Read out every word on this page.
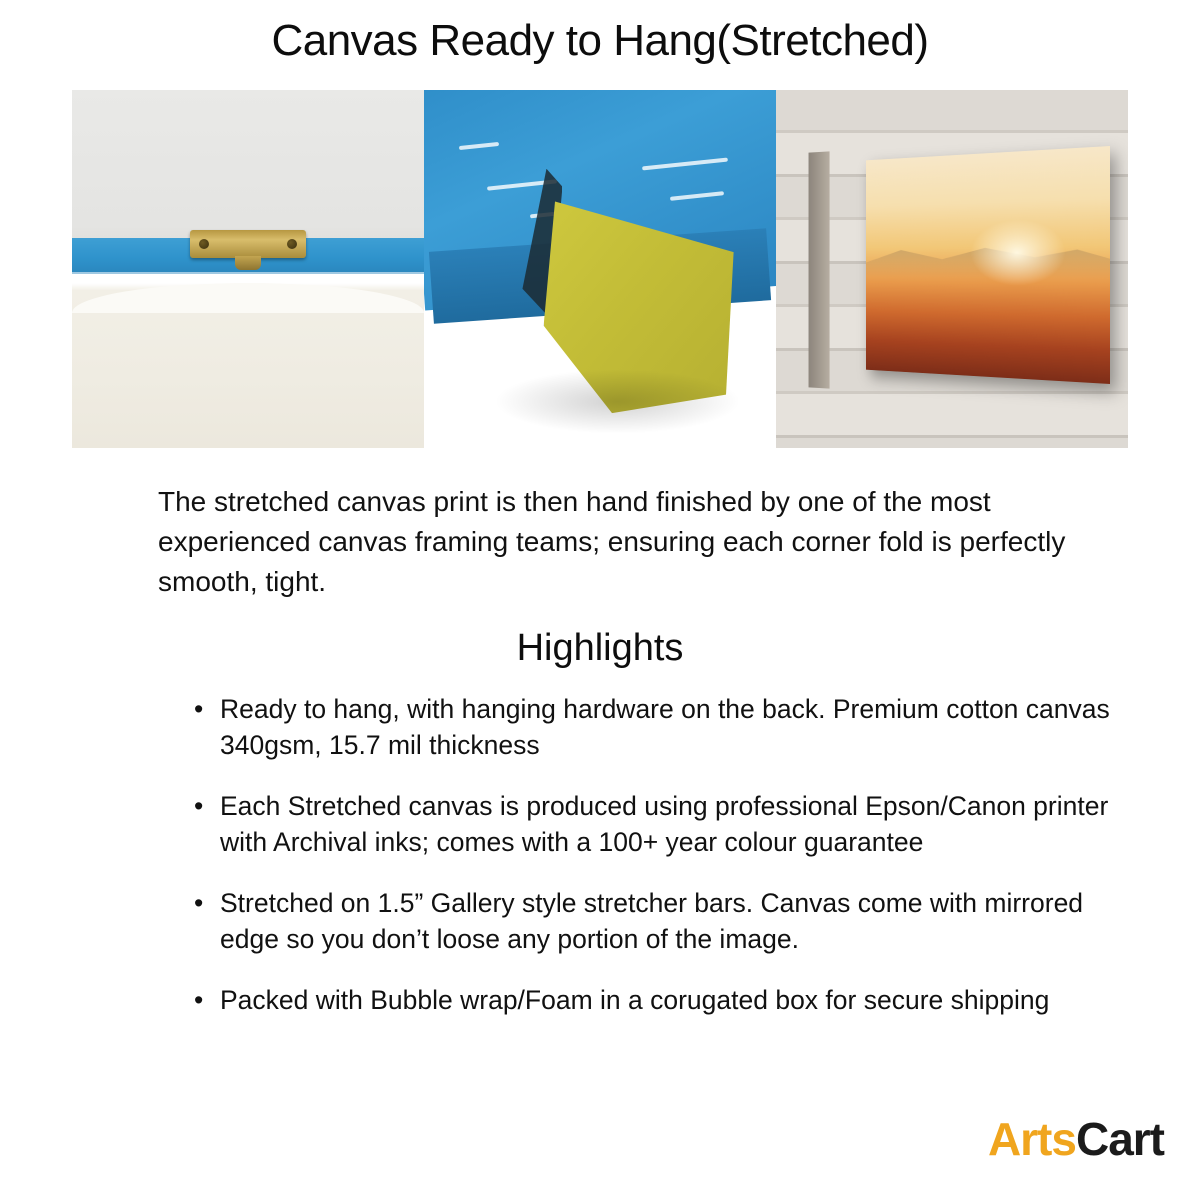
Canvas Ready to Hang(Stretched)
The stretched canvas print is then hand finished by one of the most experienced canvas framing teams; ensuring each corner fold is perfectly smooth, tight.
Highlights
• Ready to hang, with hanging hardware on the back. Premium cotton canvas 340gsm, 15.7 mil thickness
• Each Stretched canvas is produced using professional Epson/Canon printer with Archival inks; comes with a 100+ year colour guarantee
• Stretched on 1.5” Gallery style stretcher bars. Canvas come with mirrored edge so you don’t loose any portion of the image.
• Packed with Bubble wrap/Foam in a corugated box for secure shipping
ArtsCart
